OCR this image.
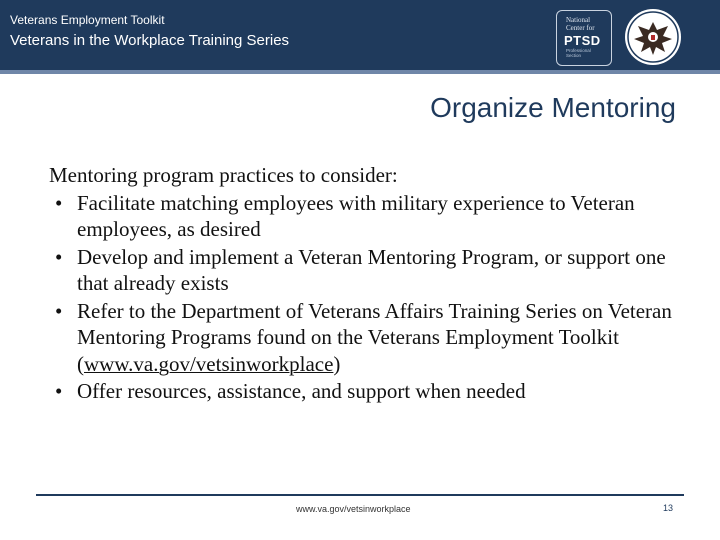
Veterans Employment Toolkit
Veterans in the Workplace Training Series
National Center for
PTSD
Professional Section
Organize Mentoring
Mentoring program practices to consider:
• Facilitate matching employees with military experience to Veteran employees, as desired
• Develop and implement a Veteran Mentoring Program, or support one that already exists
• Refer to the Department of Veterans Affairs Training Series on Veteran Mentoring Programs found on the Veterans Employment Toolkit (www.va.gov/vetsinworkplace)
• Offer resources, assistance, and support when needed
www.va.gov/vetsinworkplace	13
